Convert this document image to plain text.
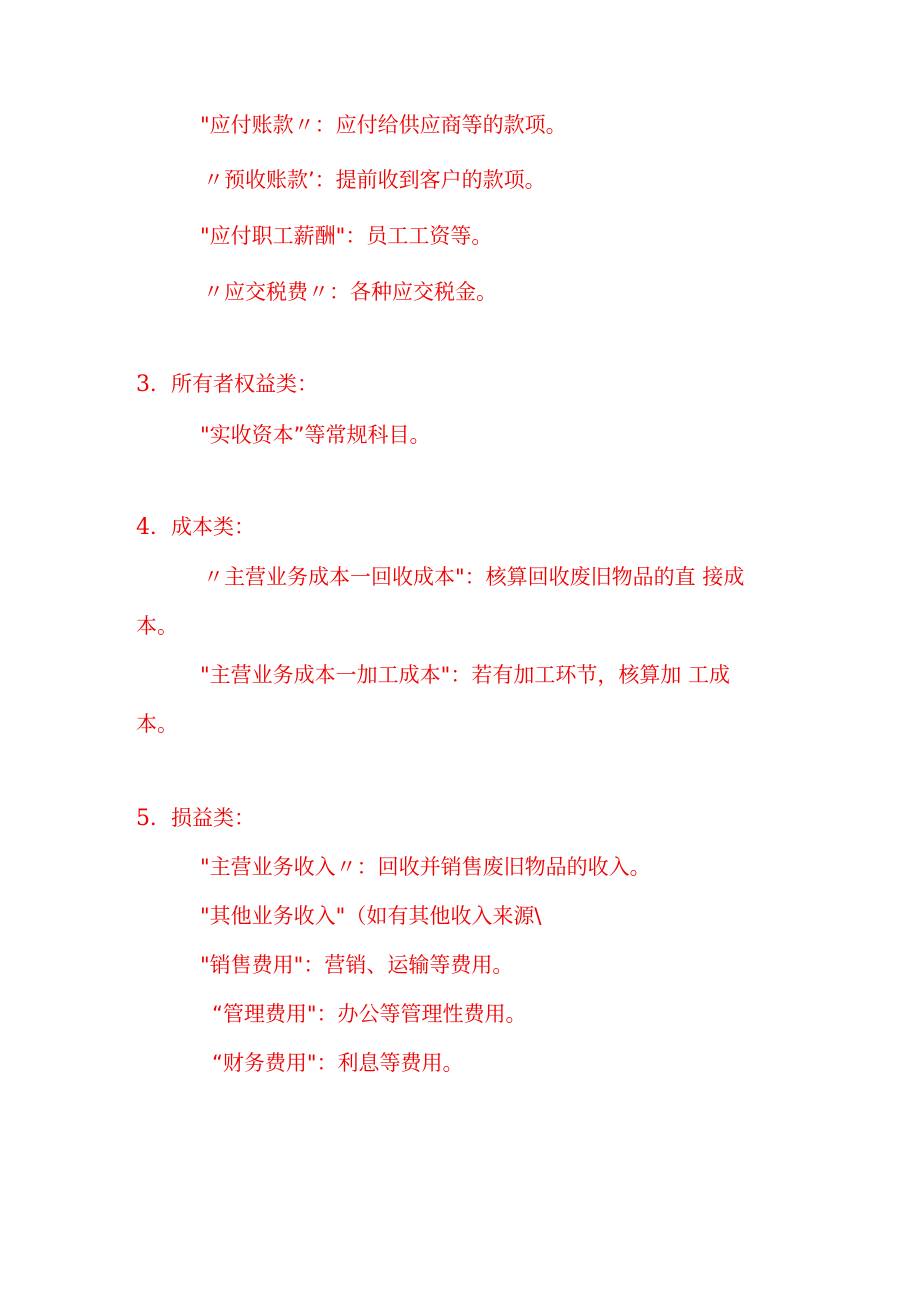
"应付账款〃：应付给供应商等的款项。
〃预收账款’：提前收到客户的款项。
"应付职工薪酬"：员工工资等。
〃应交税费〃：各种应交税金。
3．所有者权益类：
"实收资本”等常规科目。
4．成本类：
〃主营业务成本一回收成本"：核算回收废旧物品的直 接成
本。
"主营业务成本一加工成本"：若有加工环节，核算加 工成
本。
5．损益类：
"主营业务收入〃：回收并销售废旧物品的收入。
"其他业务收入"（如有其他收入来源\
"销售费用"：营销、运输等费用。
“管理费用"：办公等管理性费用。
“财务费用"：利息等费用。
